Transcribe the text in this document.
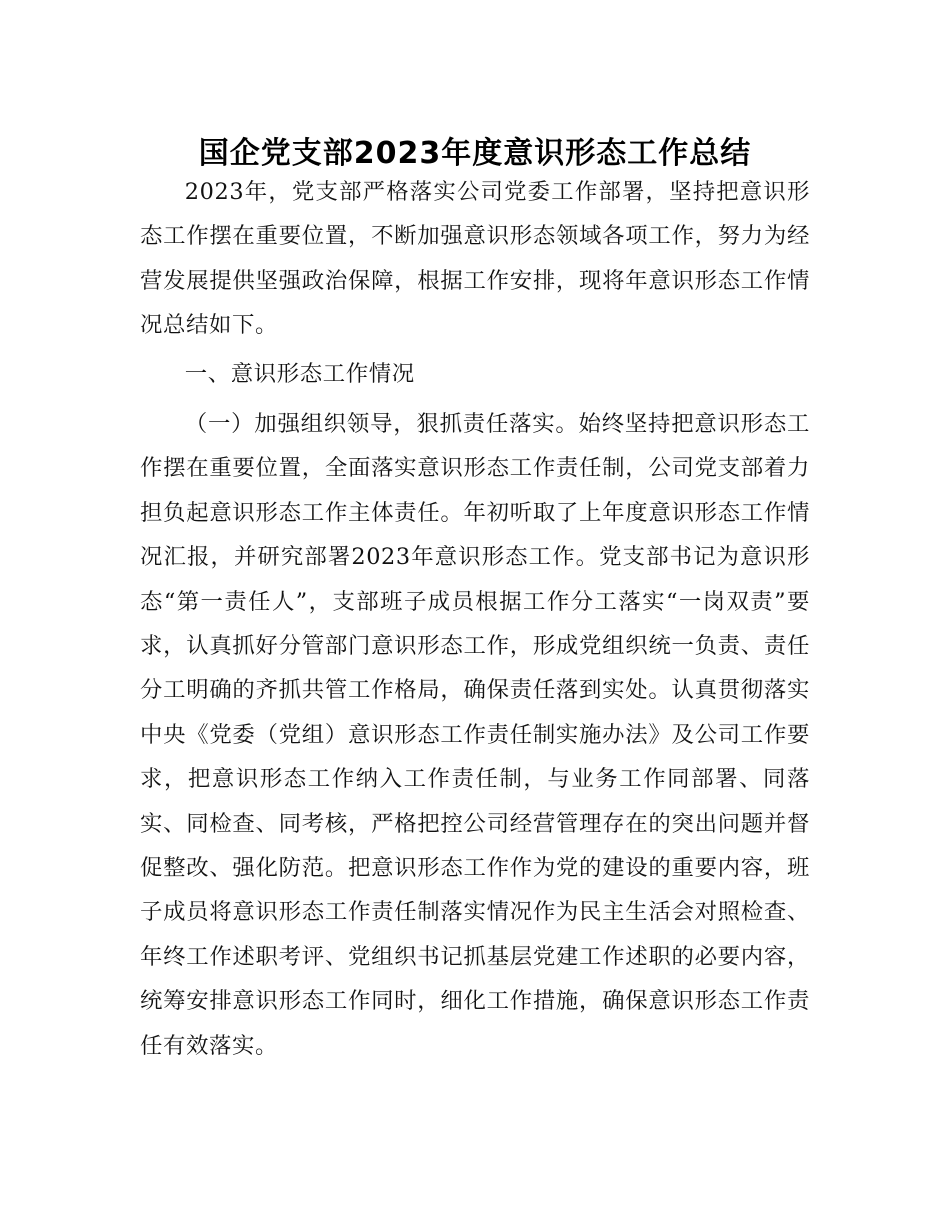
国企党支部2023年度意识形态工作总结

2023年，党支部严格落实公司党委工作部署，坚持把意识形态工作摆在重要位置，不断加强意识形态领域各项工作，努力为经营发展提供坚强政治保障，根据工作安排，现将年意识形态工作情况总结如下。

一、意识形态工作情况

（一）加强组织领导，狠抓责任落实。始终坚持把意识形态工作摆在重要位置，全面落实意识形态工作责任制，公司党支部着力担负起意识形态工作主体责任。年初听取了上年度意识形态工作情况汇报，并研究部署2023年意识形态工作。党支部书记为意识形态“第一责任人”，支部班子成员根据工作分工落实“一岗双责”要求，认真抓好分管部门意识形态工作，形成党组织统一负责、责任分工明确的齐抓共管工作格局，确保责任落到实处。认真贯彻落实中央《党委（党组）意识形态工作责任制实施办法》及公司工作要求，把意识形态工作纳入工作责任制，与业务工作同部署、同落实、同检查、同考核，严格把控公司经营管理存在的突出问题并督促整改、强化防范。把意识形态工作作为党的建设的重要内容，班子成员将意识形态工作责任制落实情况作为民主生活会对照检查、年终工作述职考评、党组织书记抓基层党建工作述职的必要内容，统筹安排意识形态工作同时，细化工作措施，确保意识形态工作责任有效落实。
